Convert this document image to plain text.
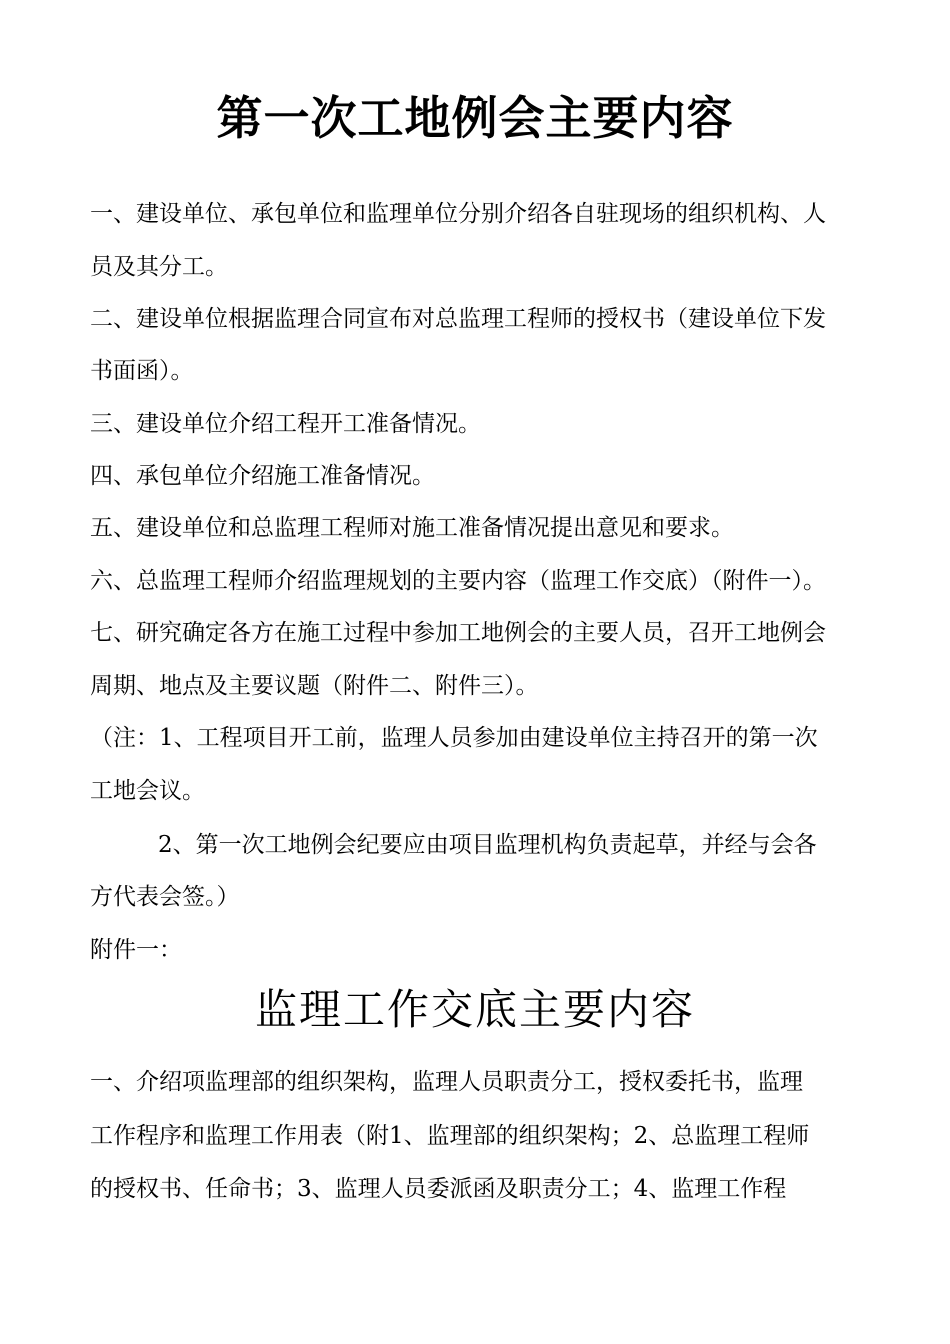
第一次工地例会主要内容
一、建设单位、承包单位和监理单位分别介绍各自驻现场的组织机构、人
员及其分工。
二、建设单位根据监理合同宣布对总监理工程师的授权书（建设单位下发
书面函）。
三、建设单位介绍工程开工准备情况。
四、承包单位介绍施工准备情况。
五、建设单位和总监理工程师对施工准备情况提出意见和要求。
六、总监理工程师介绍监理规划的主要内容（监理工作交底）（附件一）。
七、研究确定各方在施工过程中参加工地例会的主要人员，召开工地例会
周期、地点及主要议题（附件二、附件三）。
（注：1、工程项目开工前，监理人员参加由建设单位主持召开的第一次
工地会议。
2、第一次工地例会纪要应由项目监理机构负责起草，并经与会各
方代表会签。）
附件一：
监理工作交底主要内容
一、介绍项监理部的组织架构，监理人员职责分工，授权委托书，监理
工作程序和监理工作用表（附1、监理部的组织架构；2、总监理工程师
的授权书、任命书；3、监理人员委派函及职责分工；4、监理工作程
